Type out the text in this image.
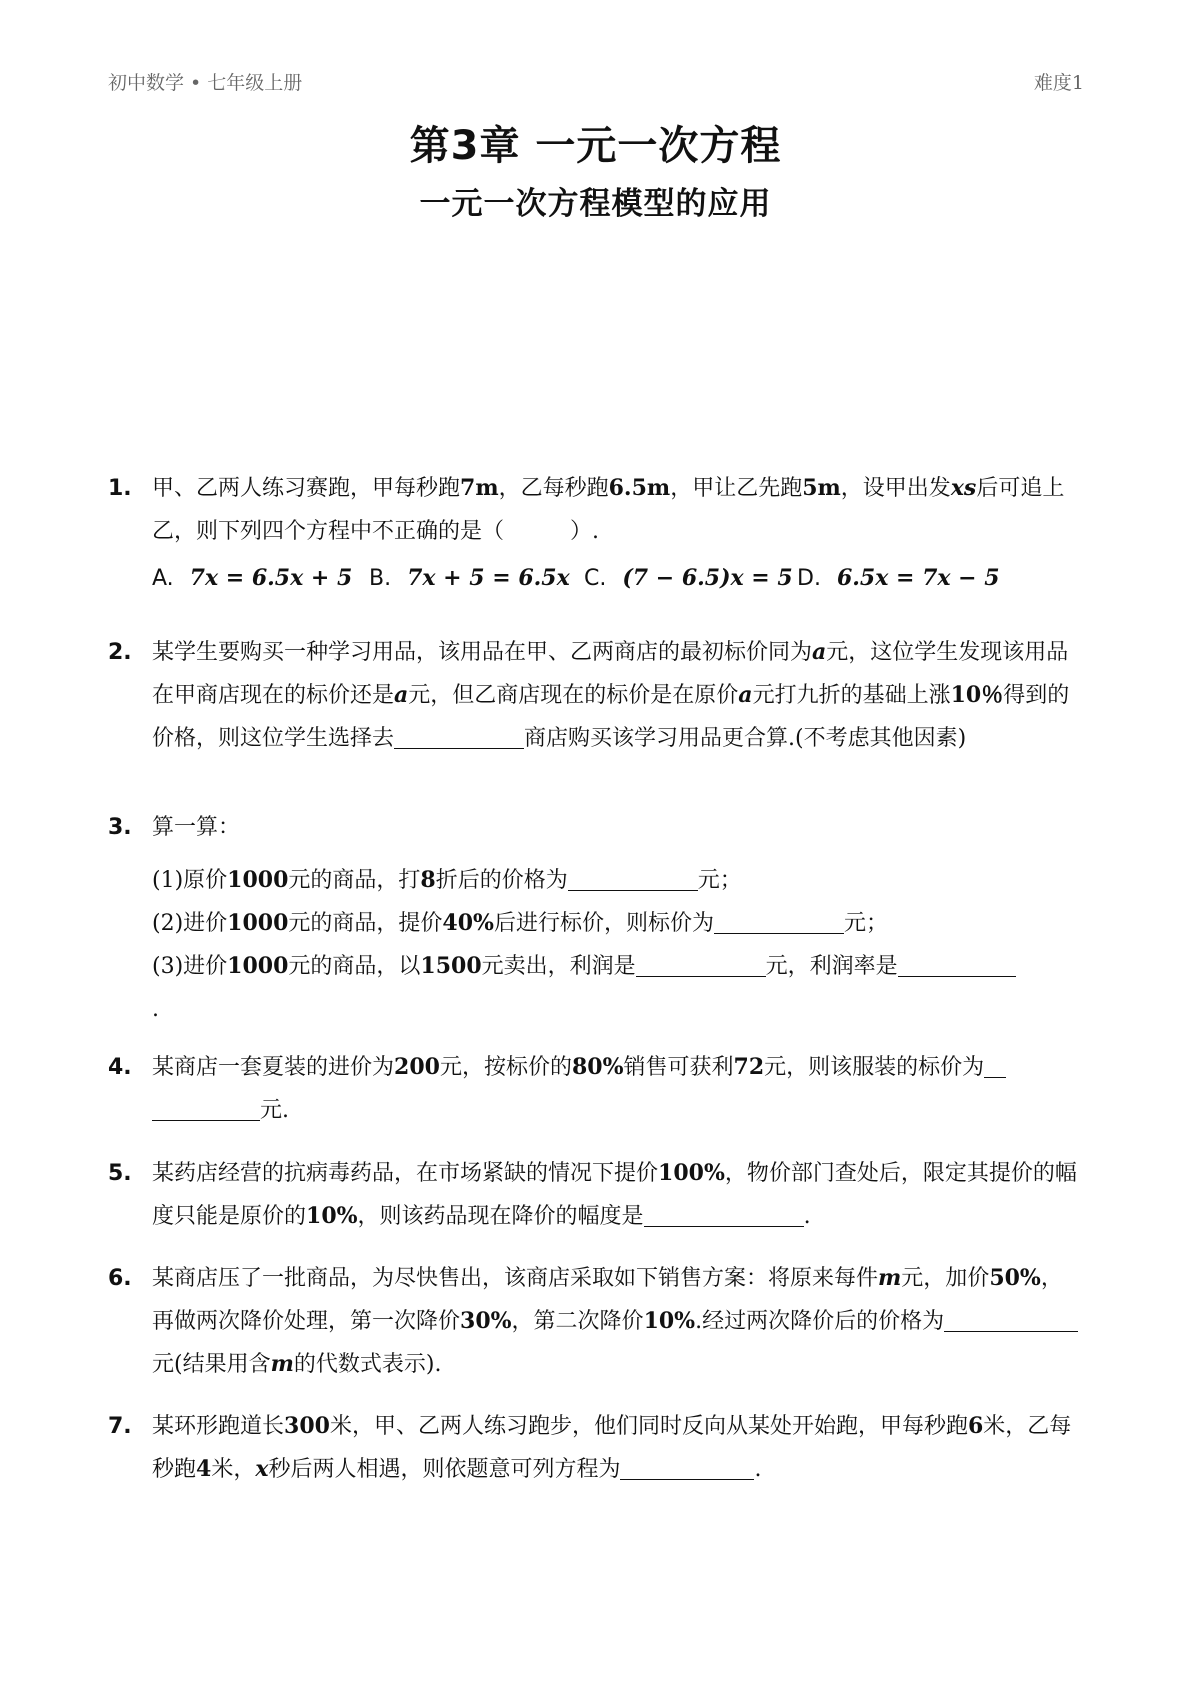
初中数学 • 七年级上册	难度1
第3章 一元一次方程
一元一次方程模型的应用
1. 甲、乙两人练习赛跑，甲每秒跑7m，乙每秒跑6.5m，甲让乙先跑5m，设甲出发xs后可追上乙，则下列四个方程中不正确的是（　　　）.
A. 7x = 6.5x + 5 B. 7x + 5 = 6.5x C. (7 − 6.5)x = 5 D. 6.5x = 7x − 5
2. 某学生要购买一种学习用品，该用品在甲、乙两商店的最初标价同为a元，这位学生发现该用品在甲商店现在的标价还是a元，但乙商店现在的标价是在原价a元打九折的基础上涨10％得到的价格，则这位学生选择去	商店购买该学习用品更合算.(不考虑其他因素)
3. 算一算：

(1)原价1000元的商品，打8折后的价格为	元；

(2)进价1000元的商品，提价40%后进行标价，则标价为	元；

(3)进价1000元的商品，以1500元卖出，利润是	元，利润率是
.

4. 某商店一套夏装的进价为200元，按标价的80%销售可获利72元，则该服装的标价为
元.
5. 某药店经营的抗病毒药品，在市场紧缺的情况下提价100%，物价部门查处后，限定其提价的幅度只能是原价的10%，则该药品现在降价的幅度是	.
6. 某商店压了一批商品，为尽快售出，该商店采取如下销售方案：将原来每件m元，加价50%，再做两次降价处理，第一次降价30%，第二次降价10%.经过两次降价后的价格为元(结果用含m的代数式表示).
7. 某环形跑道长300米，甲、乙两人练习跑步，他们同时反向从某处开始跑，甲每秒跑6米，乙每秒跑4米，x秒后两人相遇，则依题意可列方程为	.
